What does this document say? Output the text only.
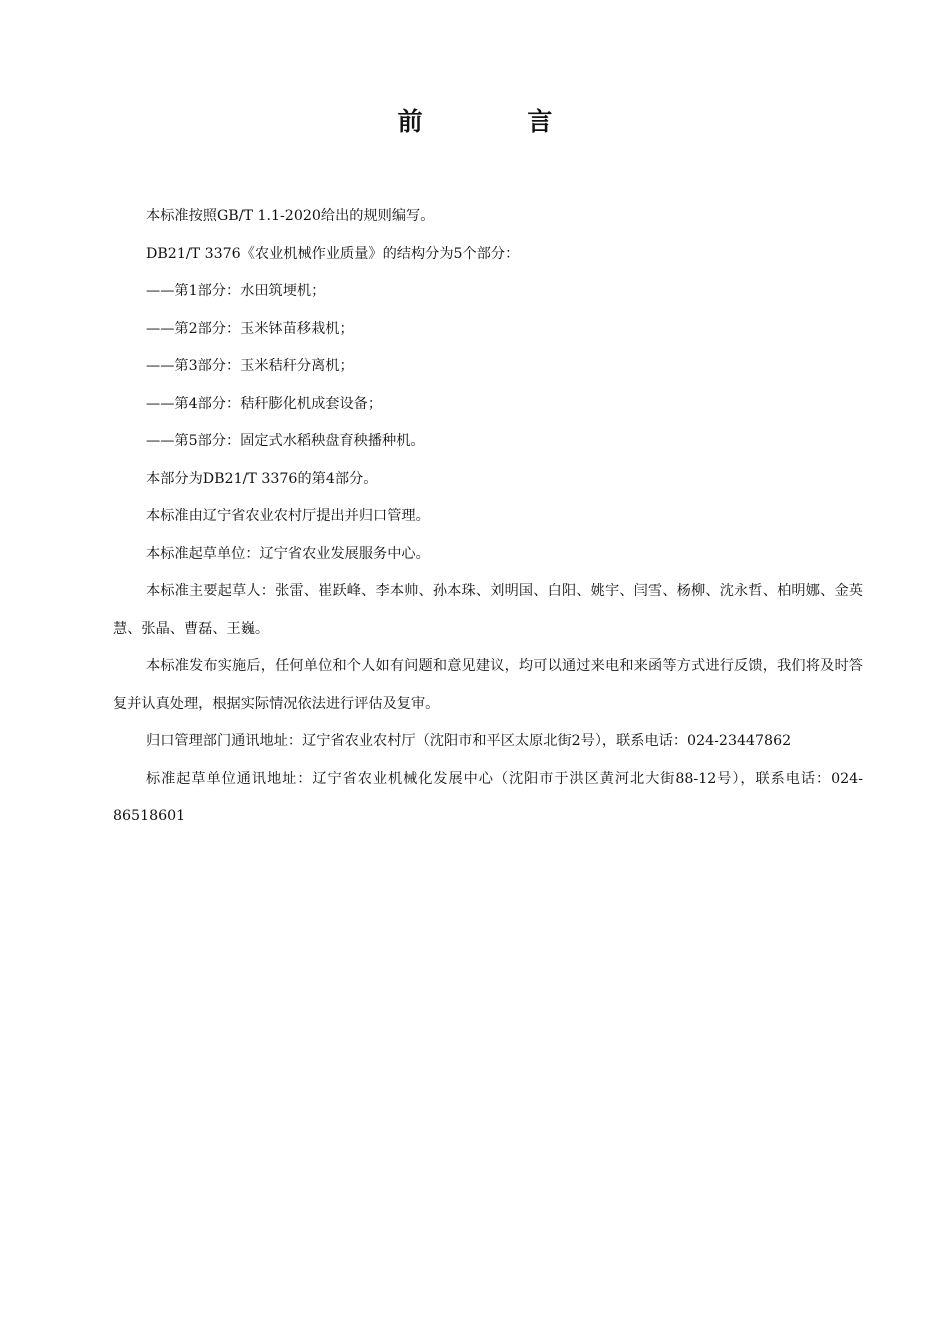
前 言

本标准按照GB/T 1.1-2020给出的规则编写。

DB21/T 3376《农业机械作业质量》的结构分为5个部分：

——第1部分：水田筑埂机；

——第2部分：玉米钵苗移栽机；

——第3部分：玉米秸秆分离机；

——第4部分：秸秆膨化机成套设备；

——第5部分：固定式水稻秧盘育秧播种机。

本部分为DB21/T 3376的第4部分。

本标准由辽宁省农业农村厅提出并归口管理。

本标准起草单位：辽宁省农业发展服务中心。

本标准主要起草人：张雷、崔跃峰、李本帅、孙本珠、刘明国、白阳、姚宇、闫雪、杨柳、沈永哲、柏明娜、金英慧、张晶、曹磊、王巍。

本标准发布实施后，任何单位和个人如有问题和意见建议，均可以通过来电和来函等方式进行反馈，我们将及时答复并认真处理，根据实际情况依法进行评估及复审。

归口管理部门通讯地址：辽宁省农业农村厅（沈阳市和平区太原北街2号），联系电话：024-23447862

标准起草单位通讯地址：辽宁省农业机械化发展中心（沈阳市于洪区黄河北大街88-12号），联系电话：024-86518601
